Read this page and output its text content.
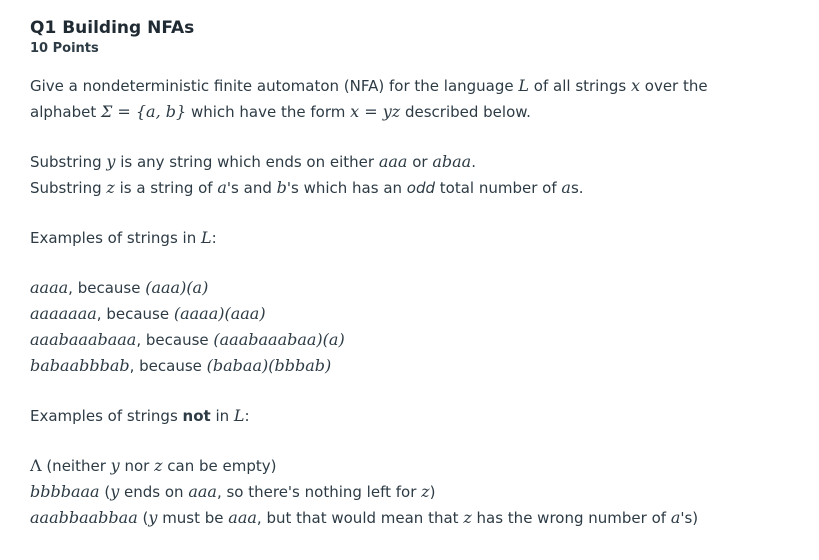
Q1 Building NFAs
10 Points

Give a nondeterministic finite automaton (NFA) for the language L of all strings x over the

alphabet Σ = {a, b} which have the form x = yz described below.

Substring y is any string which ends on either aaa or abaa.

Substring z is a string of a's and b's which has an odd total number of as.

Examples of strings in L:

aaaa, because (aaa)(a)

aaaaaaa, because (aaaa)(aaa)

aaabaaabaaa, because (aaabaaabaa)(a)

babaabbbab, because (babaa)(bbbab)

Examples of strings not in L:

Λ (neither y nor z can be empty)

bbbbaaa (y ends on aaa, so there's nothing left for z)

aaabbaabbaa (y must be aaa, but that would mean that z has the wrong number of a's)
